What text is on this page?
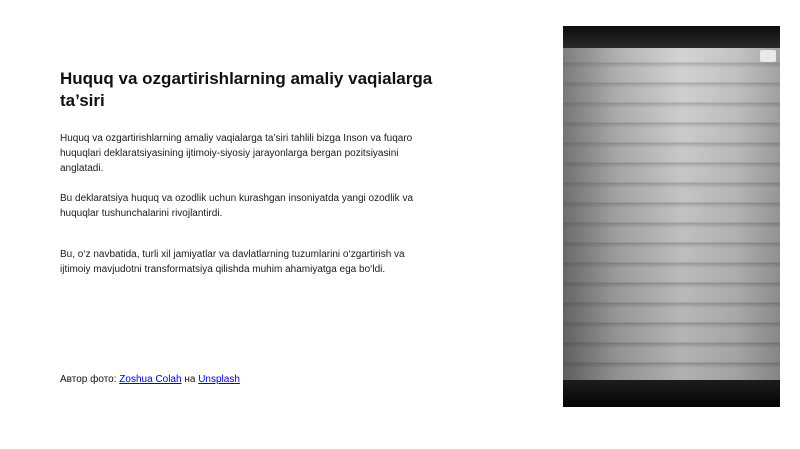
Huquq va ozgartirishlarning amaliy vaqialarga ta’siri
Huquq va ozgartirishlarning amaliy vaqialarga ta’siri tahlili bizga Inson va fuqaro huquqlari deklaratsiyasining ijtimoiy-siyosiy jarayonlarga bergan pozitsiyasini anglatadi.
Bu deklaratsiya huquq va ozodlik uchun kurashgan insoniyatda yangi ozodlik va huquqlar tushunchalarini rivojlantirdi.
Bu, o‘z navbatida, turli xil jamiyatlar va davlatlarning tuzumlarini o‘zgartirish va ijtimoiy mavjudotni transformatsiya qilishda muhim ahamiyatga ega bo‘ldi.
Автор фото: Zoshua Colah на Unsplash
